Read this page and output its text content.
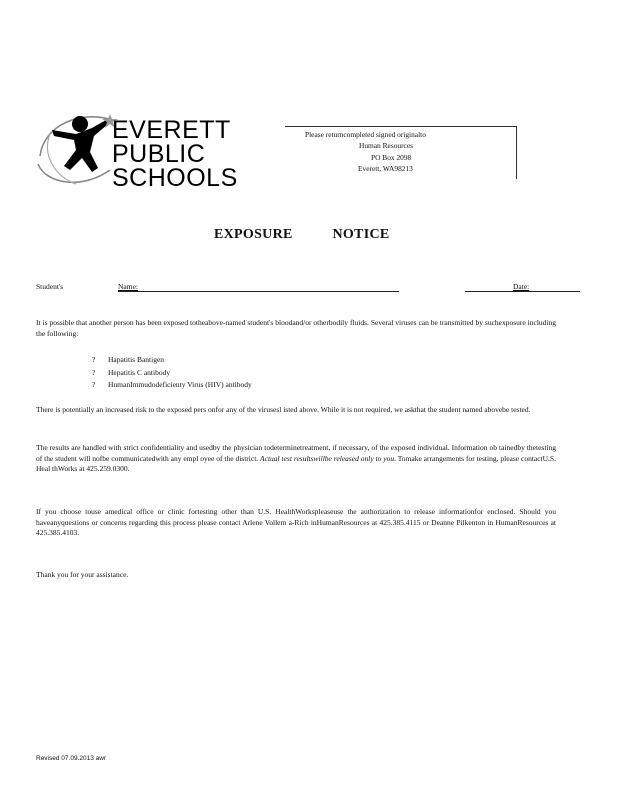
EVERETT
PUBLIC
SCHOOLS
Please returncompleted signed originalto
Human Resources
PO Box 2098
Everett, WA98213
EXPOSURE	NOTICE
Student's	Name:	Date:
It is possible that another person has been exposed totheabove-named student's bloodand/or otherbodily fluids. Several viruses can be transmitted by suchexposure including the following:
? Hapatitis Bantigen
? Hepatitis C antibody
? HumanImmudodeficienty Virus (HIV) antibody
There is potentially an increased risk to the exposed pers onfor any of the virusesl isted above. While it is not required, we askthat the student named abovebe tested.
The results are handled with strict confidentiality and usedby the physician todeterminetreatment, if necessary, of the exposed individual. Information ob tainedby thetesting of the student will nofbe communicatedwith any empl oyee of the district. Actual test resultswillbe released only to you. Tomake arrangements for testing, please contactU.S. Heal thWorks at 425.259.0300.
If you choose touse amedical office or clinic fortesting other than U.S. HealthWorkspleaseuse the authorization to release informationfor enclosed. Should you haveanyquestions or concerns regarding this process please contact Arlene Vollem a-Rich inHumanResources at 425.385.4115 or Deanne Pilkenton in HumanResources at 425.385.4103.
Thank you for your assistance.
Revised 07.09.2013 awr
